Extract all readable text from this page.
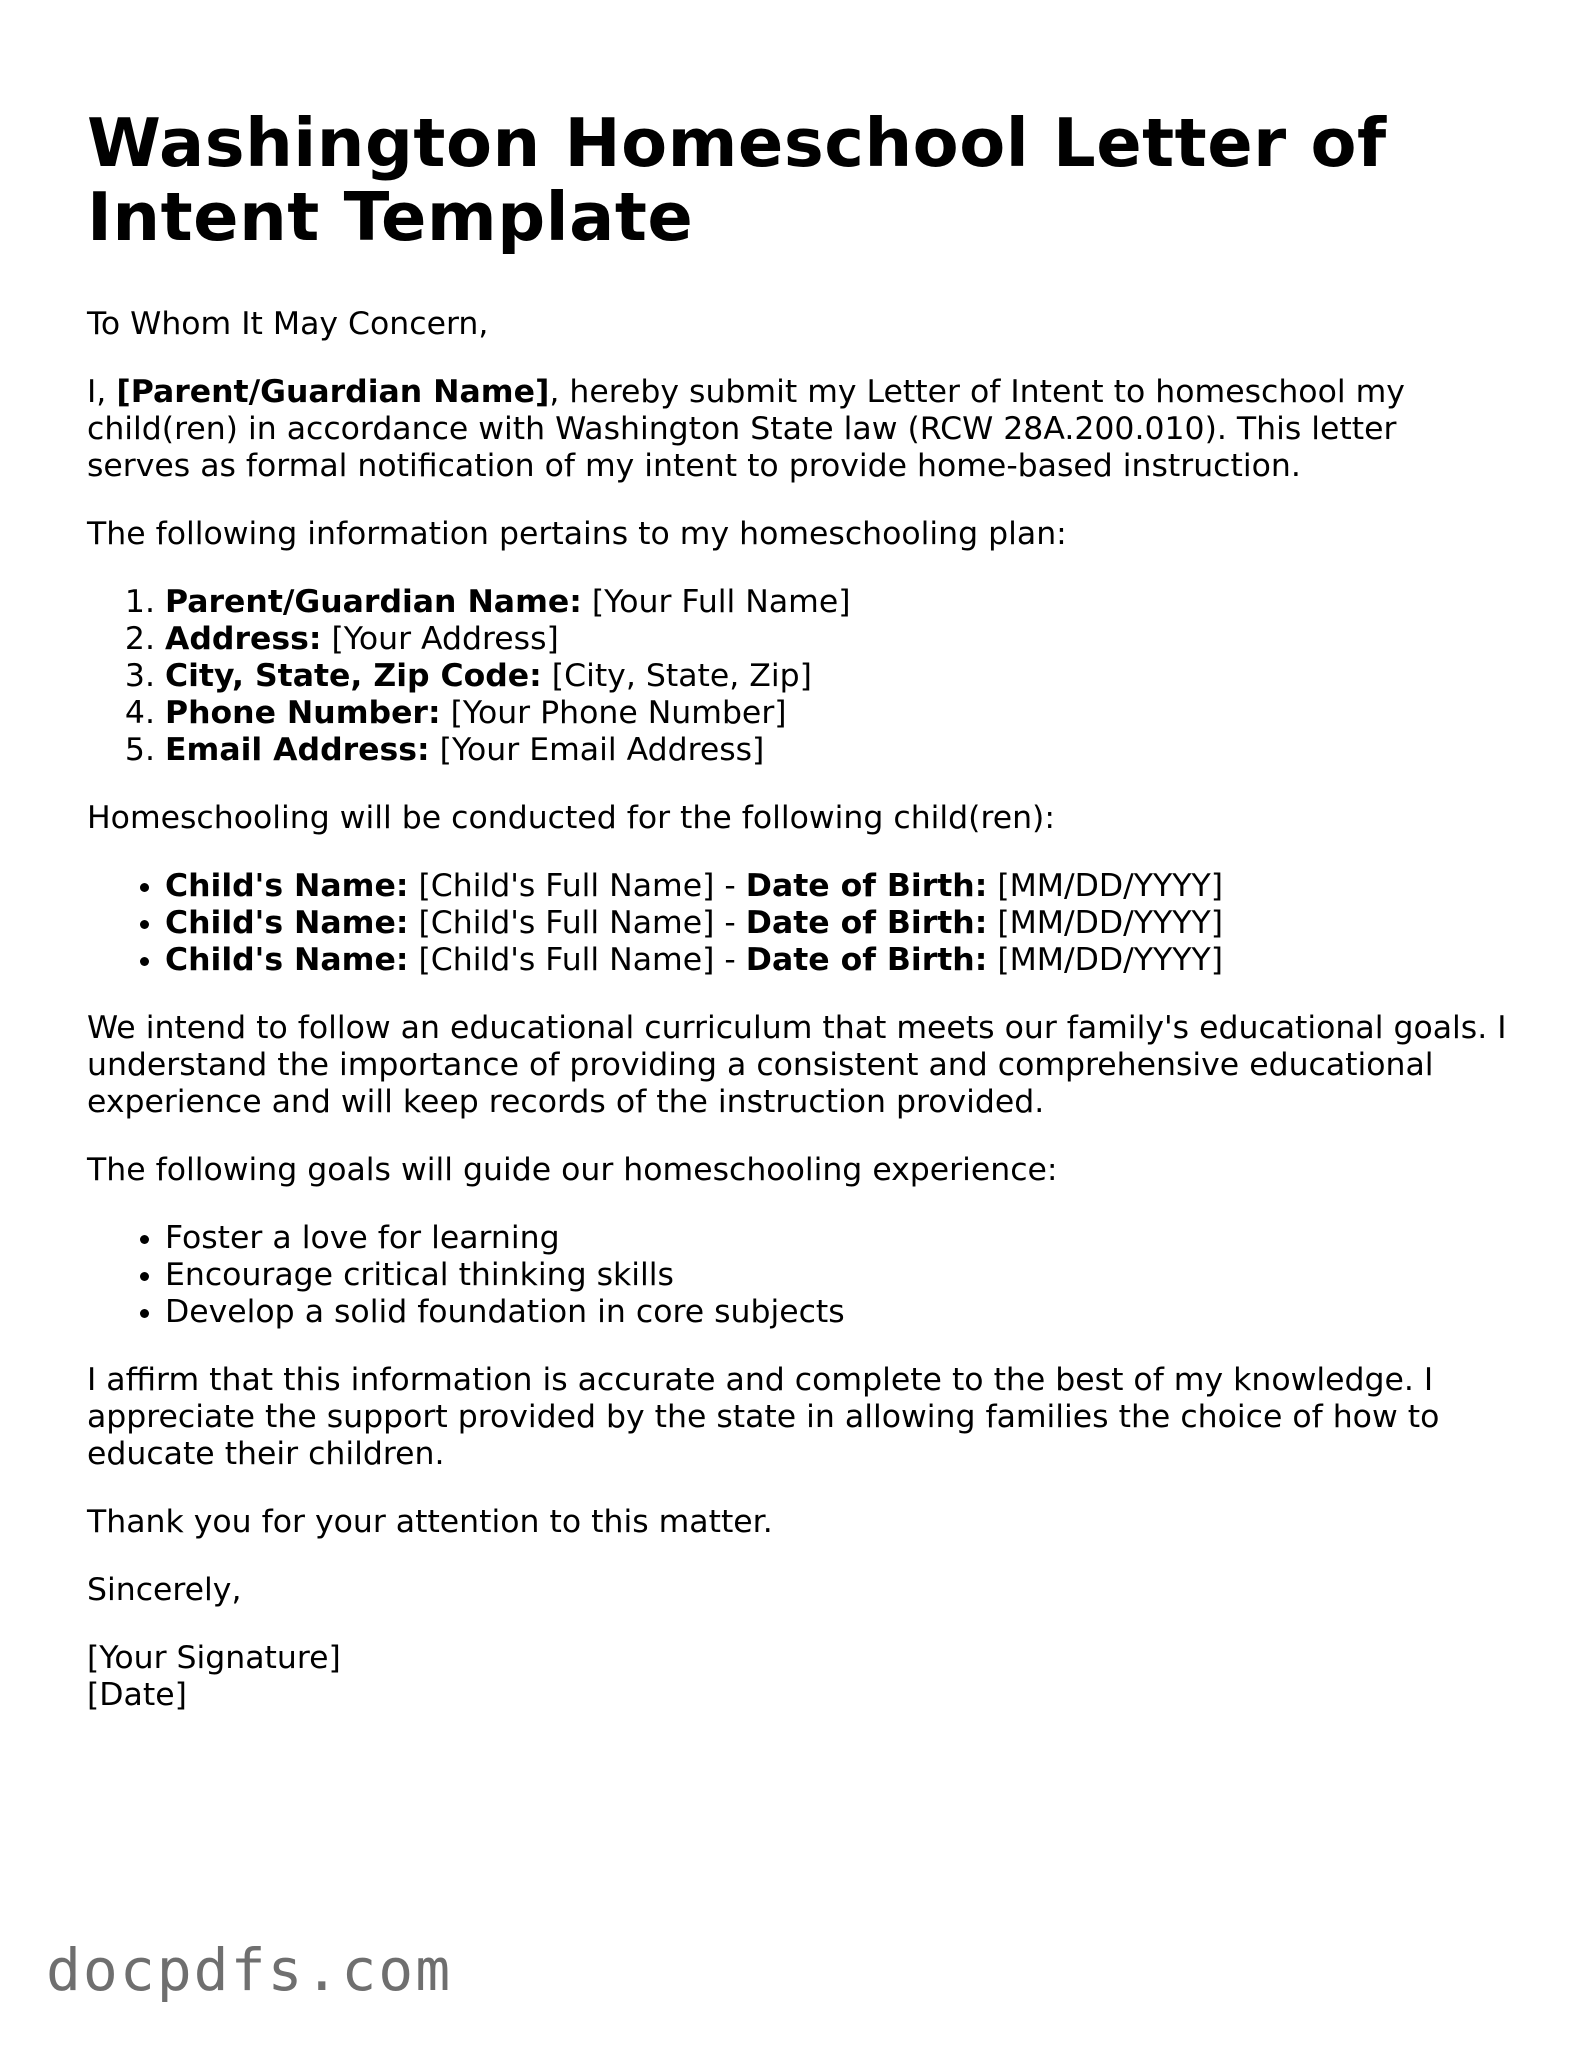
Washington Homeschool Letter of Intent Template

To Whom It May Concern,

I, [Parent/Guardian Name], hereby submit my Letter of Intent to homeschool my child(ren) in accordance with Washington State law (RCW 28A.200.010). This letter serves as formal notification of my intent to provide home-based instruction.

The following information pertains to my homeschooling plan:

1. Parent/Guardian Name: [Your Full Name]
2. Address: [Your Address]
3. City, State, Zip Code: [City, State, Zip]
4. Phone Number: [Your Phone Number]
5. Email Address: [Your Email Address]

Homeschooling will be conducted for the following child(ren):

• Child's Name: [Child's Full Name] - Date of Birth: [MM/DD/YYYY]
• Child's Name: [Child's Full Name] - Date of Birth: [MM/DD/YYYY]
• Child's Name: [Child's Full Name] - Date of Birth: [MM/DD/YYYY]

We intend to follow an educational curriculum that meets our family's educational goals. I understand the importance of providing a consistent and comprehensive educational experience and will keep records of the instruction provided.

The following goals will guide our homeschooling experience:

• Foster a love for learning
• Encourage critical thinking skills
• Develop a solid foundation in core subjects

I affirm that this information is accurate and complete to the best of my knowledge. I appreciate the support provided by the state in allowing families the choice of how to educate their children.

Thank you for your attention to this matter.

Sincerely,

[Your Signature]
[Date]

docpdfs.com
